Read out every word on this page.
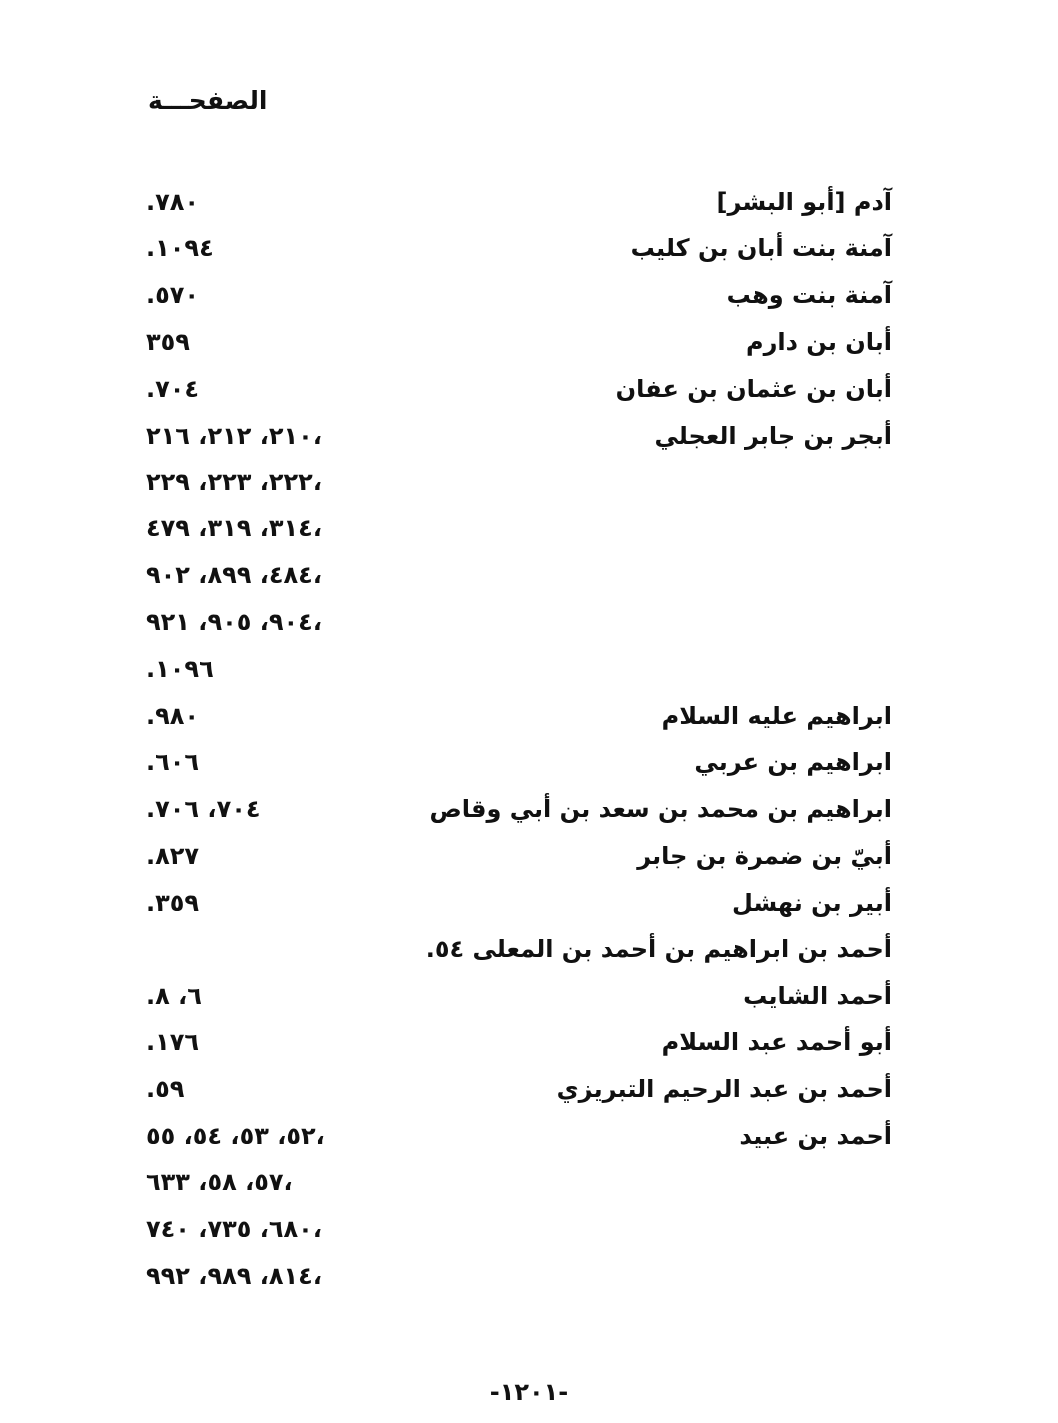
الصفحـــة
آدم [أبو البشر]
.٧٨٠
آمنة بنت أبان بن كليب
.١٠٩٤
آمنة بنت وهب
.٥٧٠
أبان بن دارم
٣٥٩
أبان بن عثمان بن عفان
.٧٠٤
أبجر بن جابر العجلي
٢١٠، ٢١٢، ٢١٦،
٢٢٢، ٢٢٣، ٢٢٩،
٣١٤، ٣١٩، ٤٧٩،
٤٨٤، ٨٩٩، ٩٠٢،
٩٠٤، ٩٠٥، ٩٢١،
.١٠٩٦
ابراهيم عليه السلام
.٩٨٠
ابراهيم بن عربي
.٦٠٦
ابراهيم بن محمد بن سعد بن أبي وقاص
.٧٠٤، ٧٠٦
أبيّ بن ضمرة بن جابر
.٨٢٧
أبير بن نهشل
.٣٥٩
أحمد بن ابراهيم بن أحمد بن المعلى ٥٤.
أحمد الشايب
.٦، ٨
أبو أحمد عبد السلام
.١٧٦
أحمد بن عبد الرحيم التبريزي
.٥٩
أحمد بن عبيد
٥٢، ٥٣، ٥٤، ٥٥،
٥٧، ٥٨، ٦٣٣،
٦٨٠، ٧٣٥، ٧٤٠،
٨١٤، ٩٨٩، ٩٩٢،
-١٢٠١-
